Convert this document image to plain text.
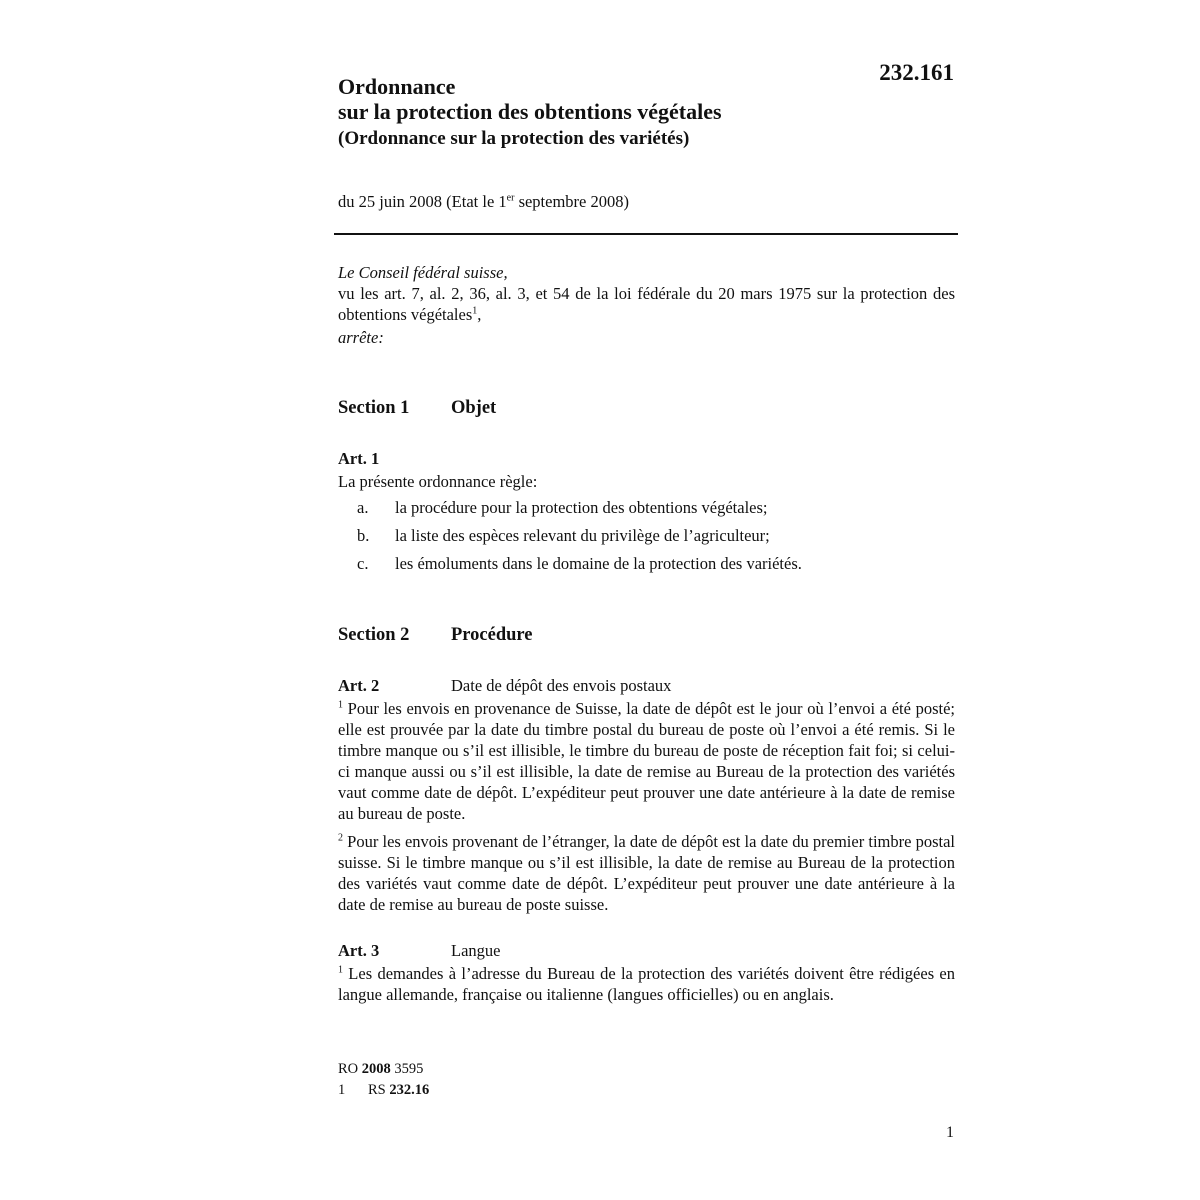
232.161
Ordonnance
sur la protection des obtentions végétales
(Ordonnance sur la protection des variétés)
du 25 juin 2008 (Etat le 1er septembre 2008)

Le Conseil fédéral suisse,

vu les art. 7, al. 2, 36, al. 3, et 54 de la loi fédérale du 20 mars 1975 sur la protection des obtentions végétales$^1$,

arrête:

Section 1 Objet
Art. 1

La présente ordonnance règle:

a. la procédure pour la protection des obtentions végétales;
b. la liste des espèces relevant du privilège de l’agriculteur;
c. les émoluments dans le domaine de la protection des variétés.
Section 2 Procédure
Art. 2	Date de dépôt des envois postaux

$^1$ Pour les envois en provenance de Suisse, la date de dépôt est le jour où l’envoi a été posté; elle est prouvée par la date du timbre postal du bureau de poste où l’envoi a été remis. Si le timbre manque ou s’il est illisible, le timbre du bureau de poste de réception fait foi; si celui-ci manque aussi ou s’il est illisible, la date de remise au Bureau de la protection des variétés vaut comme date de dépôt. L’expéditeur peut prouver une date antérieure à la date de remise au bureau de poste.

$^2$ Pour les envois provenant de l’étranger, la date de dépôt est la date du premier timbre postal suisse. Si le timbre manque ou s’il est illisible, la date de remise au Bureau de la protection des variétés vaut comme date de dépôt. L’expéditeur peut prouver une date antérieure à la date de remise au bureau de poste suisse.

Art. 3	Langue

$^1$ Les demandes à l’adresse du Bureau de la protection des variétés doivent être rédigées en langue allemande, française ou italienne (langues officielles) ou en anglais.

RO 2008 3595
1 RS 232.16
1
